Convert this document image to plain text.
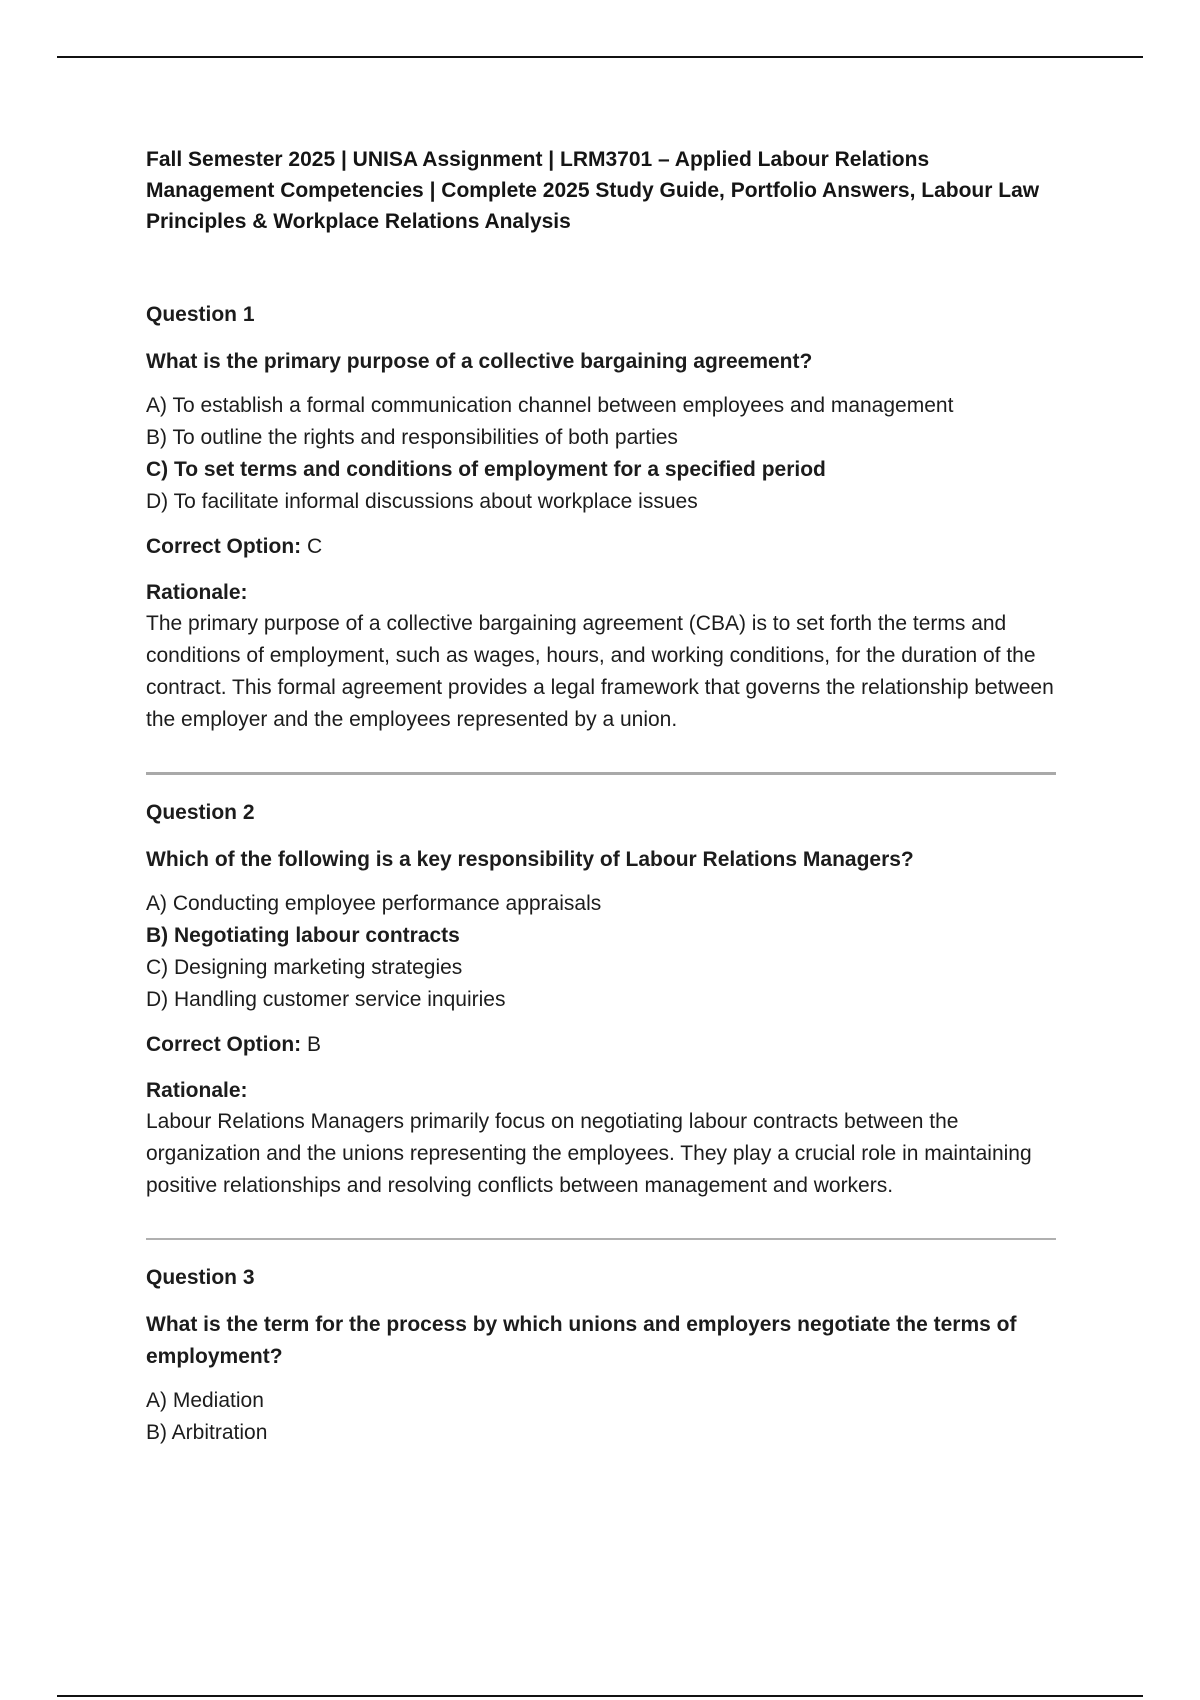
Fall Semester 2025 | UNISA Assignment | LRM3701 – Applied Labour Relations Management Competencies | Complete 2025 Study Guide, Portfolio Answers, Labour Law Principles & Workplace Relations Analysis

Question 1

What is the primary purpose of a collective bargaining agreement?

A) To establish a formal communication channel between employees and management
B) To outline the rights and responsibilities of both parties
C) To set terms and conditions of employment for a specified period
D) To facilitate informal discussions about workplace issues

Correct Option: C

Rationale:

The primary purpose of a collective bargaining agreement (CBA) is to set forth the terms and conditions of employment, such as wages, hours, and working conditions, for the duration of the contract. This formal agreement provides a legal framework that governs the relationship between the employer and the employees represented by a union.

Question 2

Which of the following is a key responsibility of Labour Relations Managers?

A) Conducting employee performance appraisals
B) Negotiating labour contracts
C) Designing marketing strategies
D) Handling customer service inquiries

Correct Option: B

Rationale:

Labour Relations Managers primarily focus on negotiating labour contracts between the organization and the unions representing the employees. They play a crucial role in maintaining positive relationships and resolving conflicts between management and workers.

Question 3

What is the term for the process by which unions and employers negotiate the terms of employment?

A) Mediation
B) Arbitration
